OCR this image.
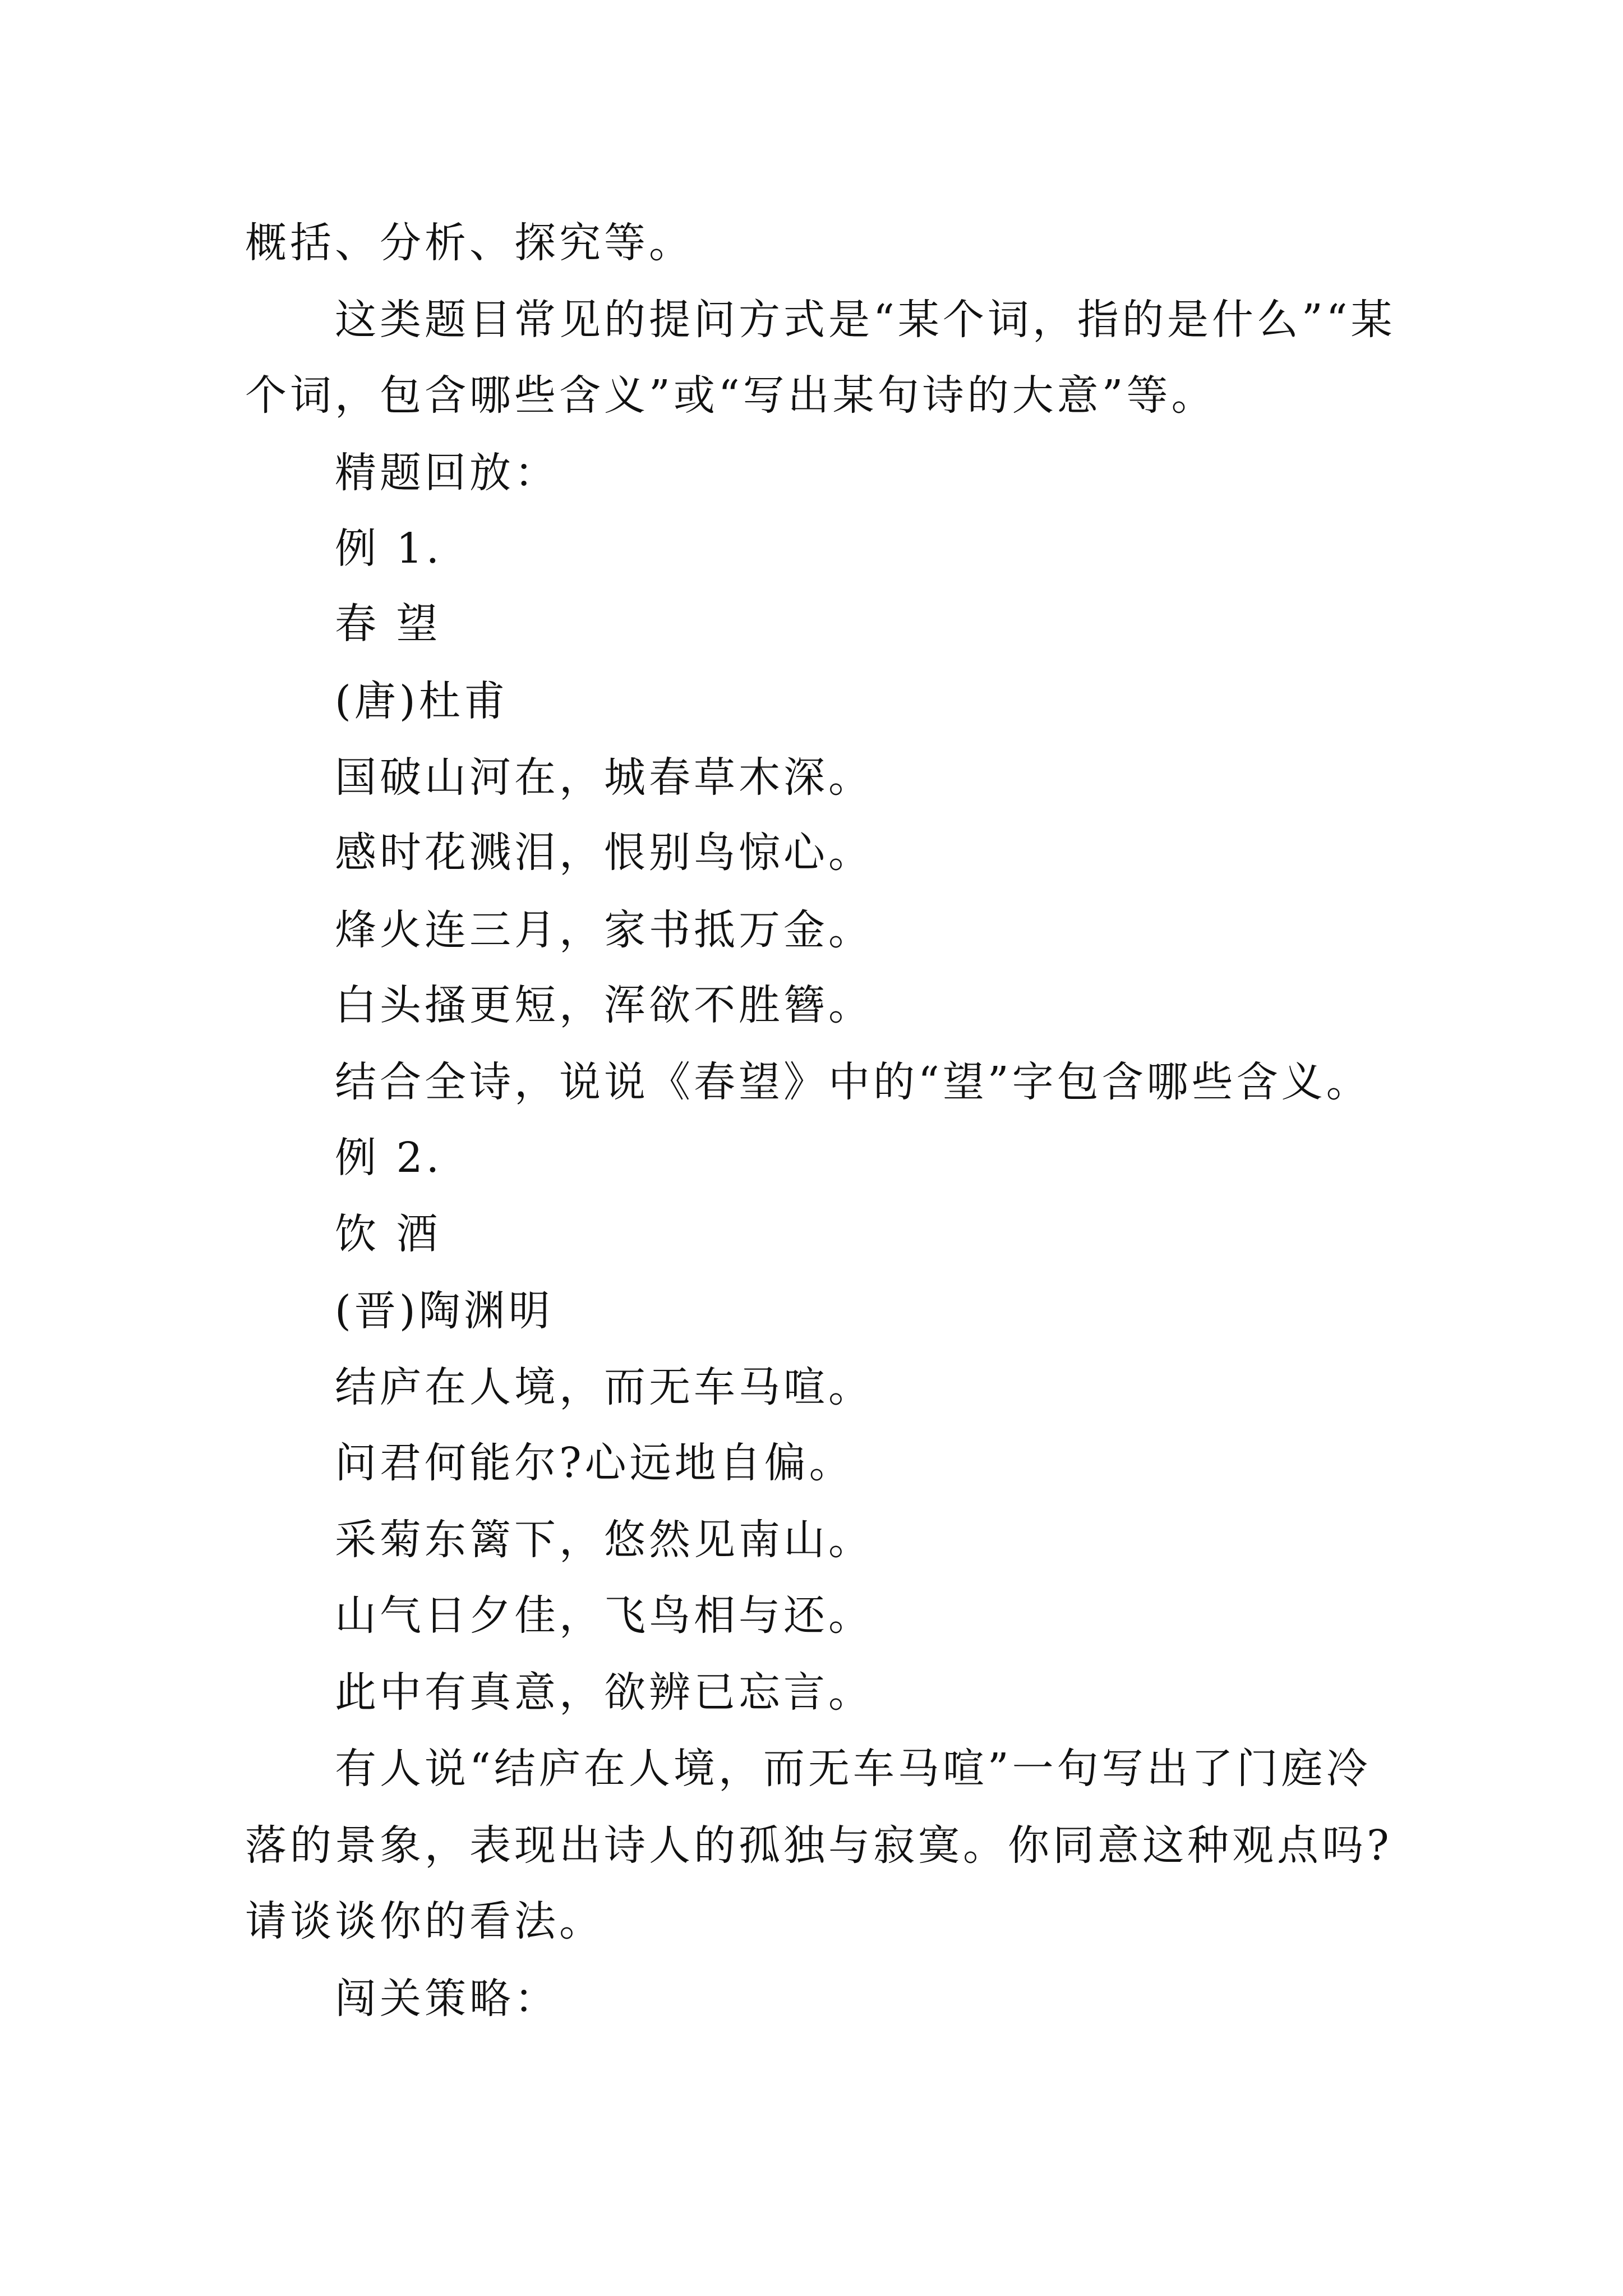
概括、分析、探究等。
这类题目常见的提问方式是“某个词，指的是什么”“某
个词，包含哪些含义”或“写出某句诗的大意”等。
精题回放：
例 1.
春 望
(唐)杜甫
国破山河在，城春草木深。
感时花溅泪，恨别鸟惊心。
烽火连三月，家书抵万金。
白头搔更短，浑欲不胜簪。
结合全诗，说说《春望》中的“望”字包含哪些含义。
例 2.
饮 酒
(晋)陶渊明
结庐在人境，而无车马喧。
问君何能尔?心远地自偏。
采菊东篱下，悠然见南山。
山气日夕佳，飞鸟相与还。
此中有真意，欲辨已忘言。
有人说“结庐在人境，而无车马喧”一句写出了门庭冷
落的景象，表现出诗人的孤独与寂寞。你同意这种观点吗?
请谈谈你的看法。
闯关策略：
